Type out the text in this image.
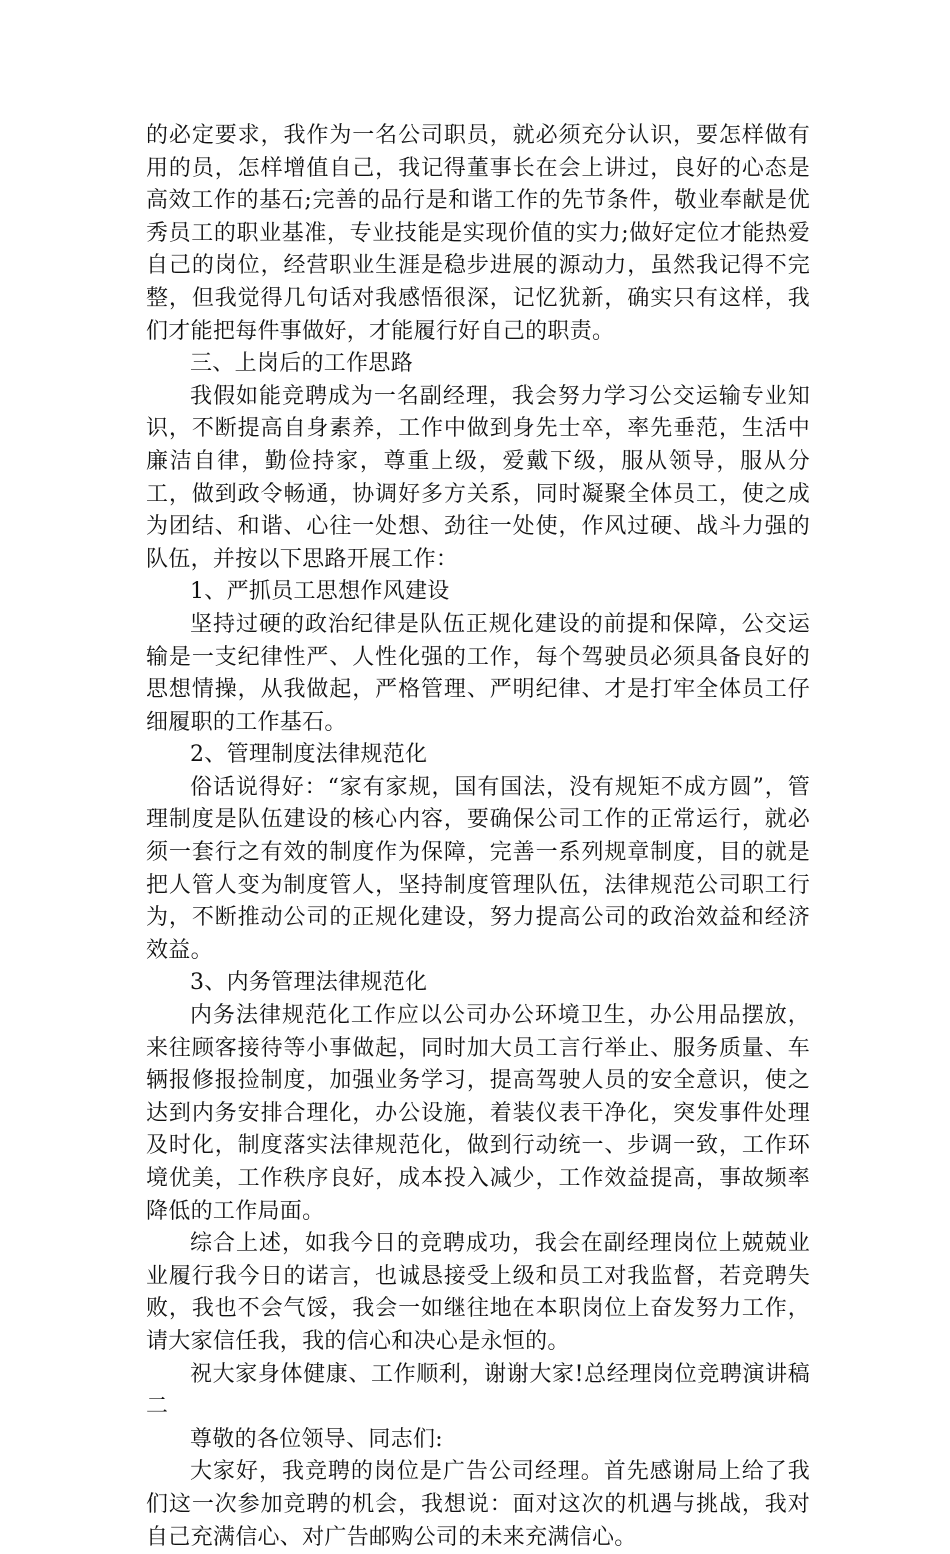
的必定要求，我作为一名公司职员，就必须充分认识，要怎样做有用的员，怎样增值自己，我记得董事长在会上讲过，良好的心态是高效工作的基石;完善的品行是和谐工作的先节条件，敬业奉献是优秀员工的职业基准，专业技能是实现价值的实力;做好定位才能热爱自己的岗位，经营职业生涯是稳步进展的源动力，虽然我记得不完整，但我觉得几句话对我感悟很深，记忆犹新，确实只有这样，我们才能把每件事做好，才能履行好自己的职责。

三、上岗后的工作思路

我假如能竞聘成为一名副经理，我会努力学习公交运输专业知识，不断提高自身素养，工作中做到身先士卒，率先垂范，生活中廉洁自律，勤俭持家，尊重上级，爱戴下级，服从领导，服从分工，做到政令畅通，协调好多方关系，同时凝聚全体员工，使之成为团结、和谐、心往一处想、劲往一处使，作风过硬、战斗力强的队伍，并按以下思路开展工作：

1、严抓员工思想作风建设

坚持过硬的政治纪律是队伍正规化建设的前提和保障，公交运输是一支纪律性严、人性化强的工作，每个驾驶员必须具备良好的思想情操，从我做起，严格管理、严明纪律、才是打牢全体员工仔细履职的工作基石。

2、管理制度法律规范化

俗话说得好：“家有家规，国有国法，没有规矩不成方圆”，管理制度是队伍建设的核心内容，要确保公司工作的正常运行，就必须一套行之有效的制度作为保障，完善一系列规章制度，目的就是把人管人变为制度管人，坚持制度管理队伍，法律规范公司职工行为，不断推动公司的正规化建设，努力提高公司的政治效益和经济效益。

3、内务管理法律规范化

内务法律规范化工作应以公司办公环境卫生，办公用品摆放，来往顾客接待等小事做起，同时加大员工言行举止、服务质量、车辆报修报捡制度，加强业务学习，提高驾驶人员的安全意识，使之达到内务安排合理化，办公设施，着装仪表干净化，突发事件处理及时化，制度落实法律规范化，做到行动统一、步调一致，工作环境优美，工作秩序良好，成本投入减少，工作效益提高，事故频率降低的工作局面。

综合上述，如我今日的竞聘成功，我会在副经理岗位上兢兢业业履行我今日的诺言，也诚恳接受上级和员工对我监督，若竞聘失败，我也不会气馁，我会一如继往地在本职岗位上奋发努力工作，请大家信任我，我的信心和决心是永恒的。

祝大家身体健康、工作顺利，谢谢大家!总经理岗位竞聘演讲稿二

尊敬的各位领导、同志们:

大家好，我竞聘的岗位是广告公司经理。首先感谢局上给了我们这一次参加竞聘的机会，我想说：面对这次的机遇与挑战，我对自己充满信心、对广告邮购公司的未来充满信心。
